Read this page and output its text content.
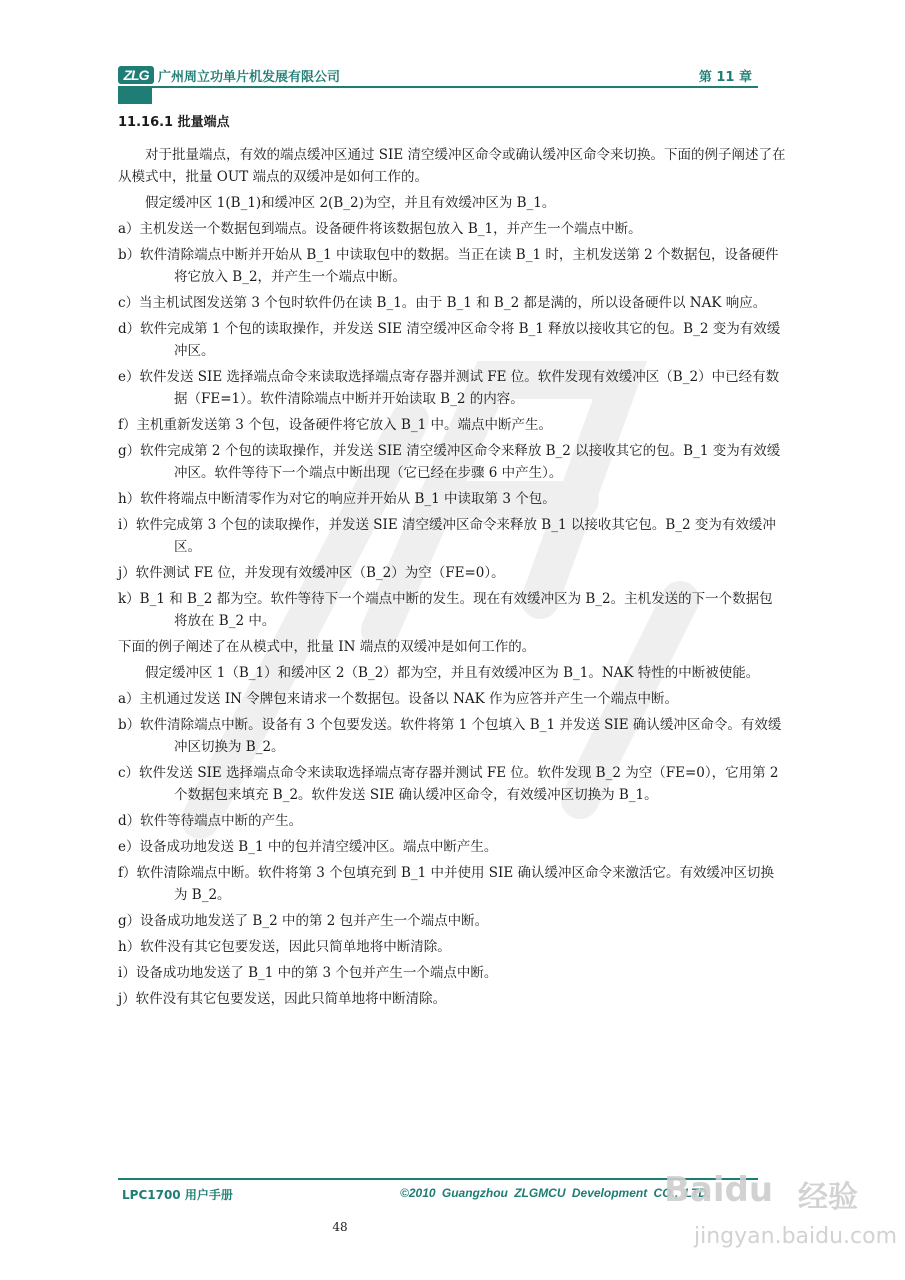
ZLG 广州周立功单片机发展有限公司	第 11 章
11.16.1 批量端点

对于批量端点，有效的端点缓冲区通过 SIE 清空缓冲区命令或确认缓冲区命令来切换。下面的例子阐述了在从模式中，批量 OUT 端点的双缓冲是如何工作的。

假定缓冲区 1(B_1)和缓冲区 2(B_2)为空，并且有效缓冲区为 B_1。

a）主机发送一个数据包到端点。设备硬件将该数据包放入 B_1，并产生一个端点中断。

b）软件清除端点中断并开始从 B_1 中读取包中的数据。当正在读 B_1 时，主机发送第 2 个数据包，设备硬件将它放入 B_2，并产生一个端点中断。

c）当主机试图发送第 3 个包时软件仍在读 B_1。由于 B_1 和 B_2 都是满的，所以设备硬件以 NAK 响应。

d）软件完成第 1 个包的读取操作，并发送 SIE 清空缓冲区命令将 B_1 释放以接收其它的包。B_2 变为有效缓冲区。

e）软件发送 SIE 选择端点命令来读取选择端点寄存器并测试 FE 位。软件发现有效缓冲区（B_2）中已经有数据（FE=1）。软件清除端点中断并开始读取 B_2 的内容。

f）主机重新发送第 3 个包，设备硬件将它放入 B_1 中。端点中断产生。

g）软件完成第 2 个包的读取操作，并发送 SIE 清空缓冲区命令来释放 B_2 以接收其它的包。B_1 变为有效缓冲区。软件等待下一个端点中断出现（它已经在步骤 6 中产生）。

h）软件将端点中断清零作为对它的响应并开始从 B_1 中读取第 3 个包。

i）软件完成第 3 个包的读取操作，并发送 SIE 清空缓冲区命令来释放 B_1 以接收其它包。B_2 变为有效缓冲区。

j）软件测试 FE 位，并发现有效缓冲区（B_2）为空（FE=0）。

k）B_1 和 B_2 都为空。软件等待下一个端点中断的发生。现在有效缓冲区为 B_2。主机发送的下一个数据包将放在 B_2 中。

下面的例子阐述了在从模式中，批量 IN 端点的双缓冲是如何工作的。

假定缓冲区 1（B_1）和缓冲区 2（B_2）都为空，并且有效缓冲区为 B_1。NAK 特性的中断被使能。

a）主机通过发送 IN 令牌包来请求一个数据包。设备以 NAK 作为应答并产生一个端点中断。

b）软件清除端点中断。设备有 3 个包要发送。软件将第 1 个包填入 B_1 并发送 SIE 确认缓冲区命令。有效缓冲区切换为 B_2。

c）软件发送 SIE 选择端点命令来读取选择端点寄存器并测试 FE 位。软件发现 B_2 为空（FE=0），它用第 2 个数据包来填充 B_2。软件发送 SIE 确认缓冲区命令，有效缓冲区切换为 B_1。

d）软件等待端点中断的产生。

e）设备成功地发送 B_1 中的包并清空缓冲区。端点中断产生。

f）软件清除端点中断。软件将第 3 个包填充到 B_1 中并使用 SIE 确认缓冲区命令来激活它。有效缓冲区切换为 B_2。

g）设备成功地发送了 B_2 中的第 2 包并产生一个端点中断。

h）软件没有其它包要发送，因此只简单地将中断清除。

i）设备成功地发送了 B_1 中的第 3 个包并产生一个端点中断。

j）软件没有其它包要发送，因此只简单地将中断清除。

LPC1700 用户手册	©2010 Guangzhou ZLGMCU Development CO., LTD.
48
Baidu 经验
jingyan.baidu.com
